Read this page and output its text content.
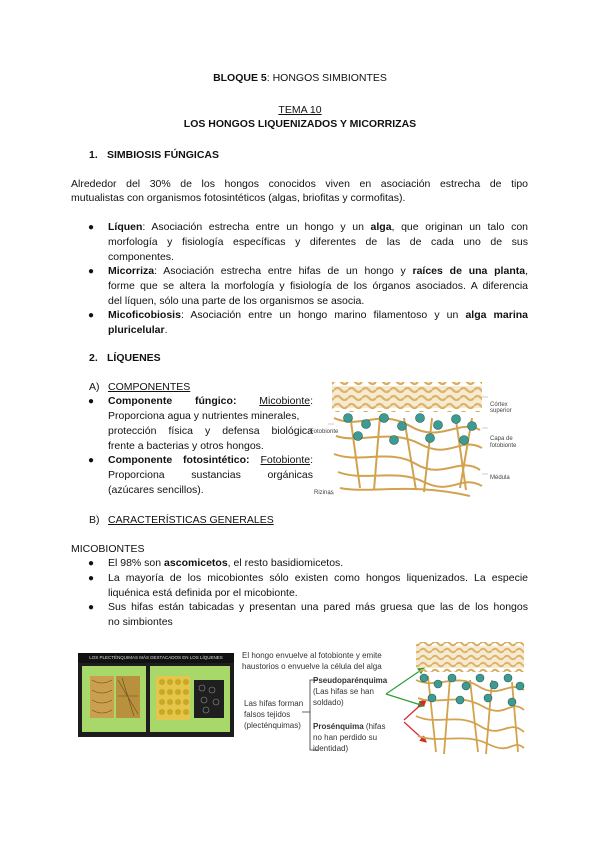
BLOQUE 5: HONGOS SIMBIONTES
TEMA 10
LOS HONGOS LIQUENIZADOS Y MICORRIZAS
1. SIMBIOSIS FÚNGICAS
Alrededor del 30% de los hongos conocidos viven en asociación estrecha de tipo
mutualistas con organismos fotosintéticos (algas, briofitas y cormofitas).
● Líquen: Asociación estrecha entre un hongo y un alga, que originan un talo con
morfología y fisiología específicas y diferentes de las de cada uno de sus
componentes.
● Micorriza: Asociación estrecha entre hifas de un hongo y raíces de una planta,
forme que se altera la morfología y fisiología de los órganos asociados. A diferencia
del líquen, sólo una parte de los organismos se asocia.
● Micoficobiosis: Asociación entre un hongo marino filamentoso y un alga marina
pluricelular.
2. LÍQUENES
A) COMPONENTES
● Componente fúngico: Micobionte:
Proporciona agua y nutrientes minerales,
protección física y defensa biológica
frente a bacterias y otros hongos.
● Componente fotosintético: Fotobionte:
Proporciona sustancias orgánicas
(azúcares sencillos).
B) CARACTERÍSTICAS GENERALES
MICOBIONTES
● El 98% son ascomicetos, el resto basidiomicetos.
● La mayoría de los micobiontes sólo existen como hongos liquenizados. La especie
liquénica está definida por el micobionte.
● Sus hifas están tabicadas y presentan una pared más gruesa que las de los hongos
no simbiontes
Córtex superior
Capa de fotobionte
Médula
Fotobionte
Rizinas
LOS PLECTÉNQUIMAS MÁS DESTACADOS EN LOS LÍQUENES	El hongo envuelve al fotobionte y emite
haustorios o envuelve la célula del alga
Las hifas forman
falsos tejidos
(plecténquimas)
Pseudoparénquima
(Las hifas se han
soldado)
Prosénquima (hifas
no han perdido su
identidad)
